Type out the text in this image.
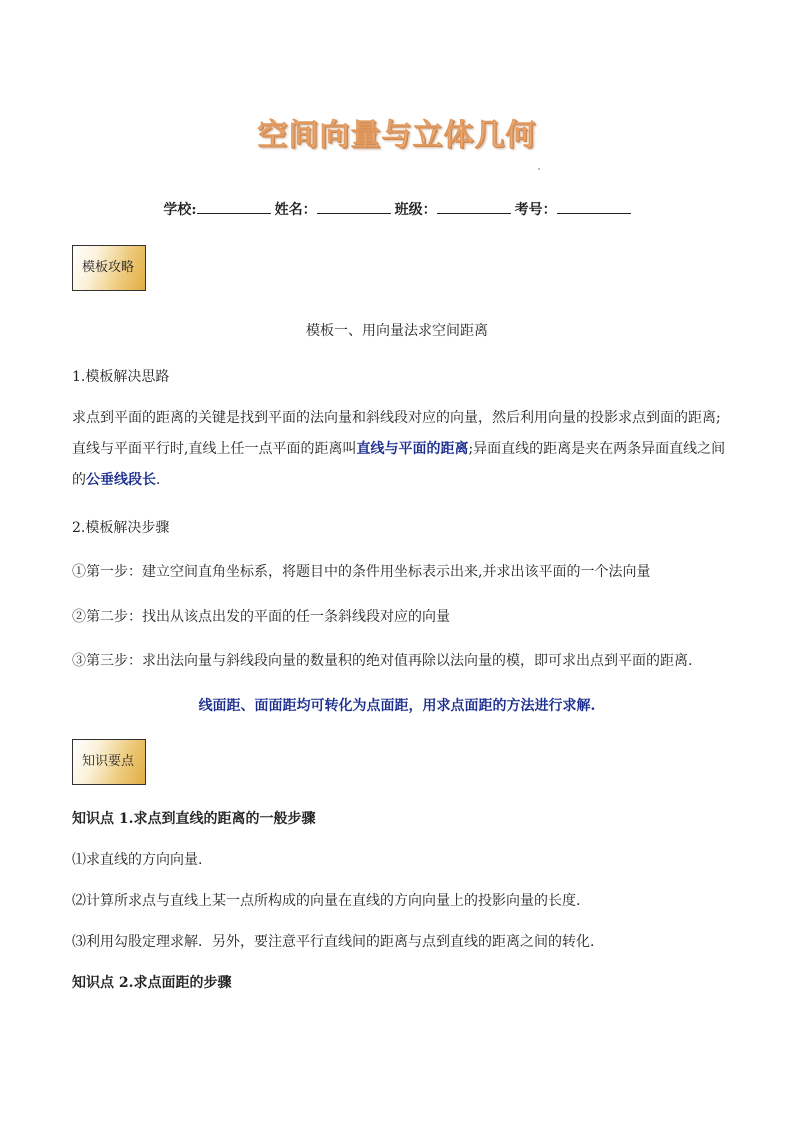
空间向量与立体几何
学校:	姓名：	班级：	考号：
模板攻略
模板一、用向量法求空间距离
1.模板解决思路
求点到平面的距离的关键是找到平面的法向量和斜线段对应的向量，然后利用向量的投影求点到面的距离;直线与平面平行时,直线上任一点平面的距离叫直线与平面的距离;异面直线的距离是夹在两条异面直线之间的公垂线段长.
2.模板解决步骤
①第一步：建立空间直角坐标系，将题目中的条件用坐标表示出来,并求出该平面的一个法向量
②第二步：找出从该点出发的平面的任一条斜线段对应的向量
③第三步：求出法向量与斜线段向量的数量积的绝对值再除以法向量的模，即可求出点到平面的距离.
线面距、面面距均可转化为点面距，用求点面距的方法进行求解.
知识要点
知识点 1.求点到直线的距离的一般步骤
⑴求直线的方向向量.
⑵计算所求点与直线上某一点所构成的向量在直线的方向向量上的投影向量的长度.
⑶利用勾股定理求解．另外，要注意平行直线间的距离与点到直线的距离之间的转化.
知识点 2.求点面距的步骤
